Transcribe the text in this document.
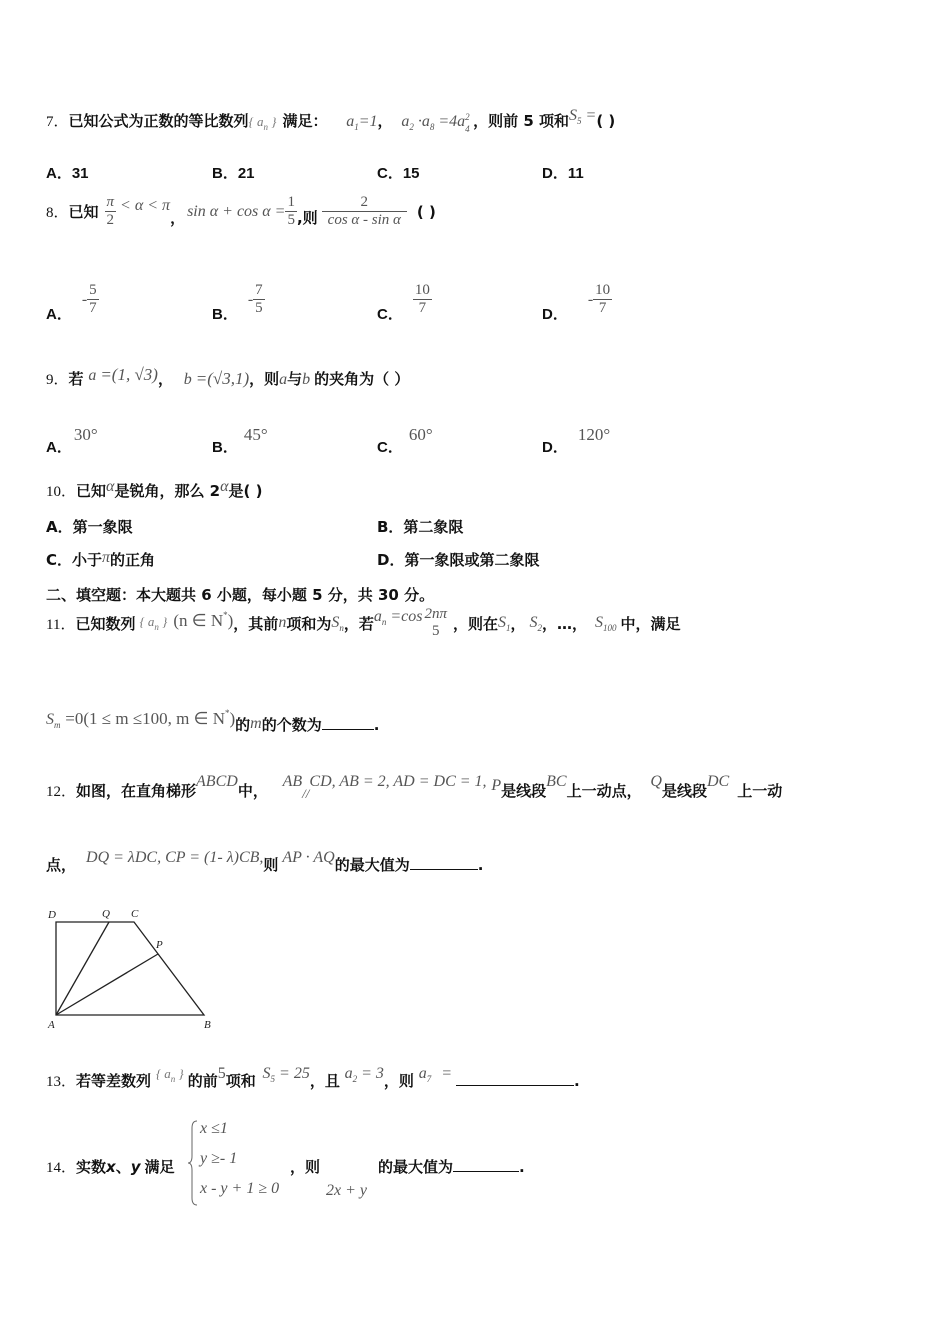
7．已知公式为正数的等比数列{ $a_n$ } 满足： $a_1=1$， $a_2 \cdot a_8 =4a$ 2
4 ，则前 5 项和$S_5$ =( )
A．31	B．21	C．15	D．11
8． 已知 $\frac{\pi}{2} < \alpha < \pi$
， $\sin \alpha + \cos \alpha = \frac{1}{5}$ ,则 $\frac{2}{\text{cos α - sin α}}$ ( )
A．
- $\frac{5}{7}$	B．
- $\frac{7}{5}$	C． $\frac{10}{7}$	D．
- $\frac{10}{7}$
9．若 a =(1, √3)， b =(√3,1)，则a与b 的夹角为（ ）
A．30°
B．45°
C．60°
D．120°
10．已知α是锐角，那么 2α是( )
A．第一象限	B．第二象限
C．小于π的正角	D．第一象限或第二象限
二、填空题：本大题共 6 小题，每小题 5 分，共 30 分。
11． 已知数列 { $a_n$ } (n ∈ N*) ，其前 n 项和为 $S_n$ ，若 $a_n =\cos$ 2nπ
5 ，则在 $S_1$ ， $S_2$ ，…， $S_{100}$ 中，满足
$S_m =0(1 \le m \le 100$, m ∈ N*)的m的个数为	.
12．如图，在直角梯形ABCD中， AB//CD, AB = 2, AD = DC = 1, P是线段BC上一动点， Q是线段DC上一动
点， DQ = λDC, CP = (1- λ)CB,则 AP · AQ的最大值为	.
D	Q C
P
A	B
13．若等差数列 { $a_n$ } 的前5项和 $S_5 = 25$，且 $a_2 = 3$，则 $a_7$ =	.
14．实数x、y 满足
x ≤1
y ≥- 1
x - y + 1 ≥ 0
，则
2x + y
的最大值为	.
